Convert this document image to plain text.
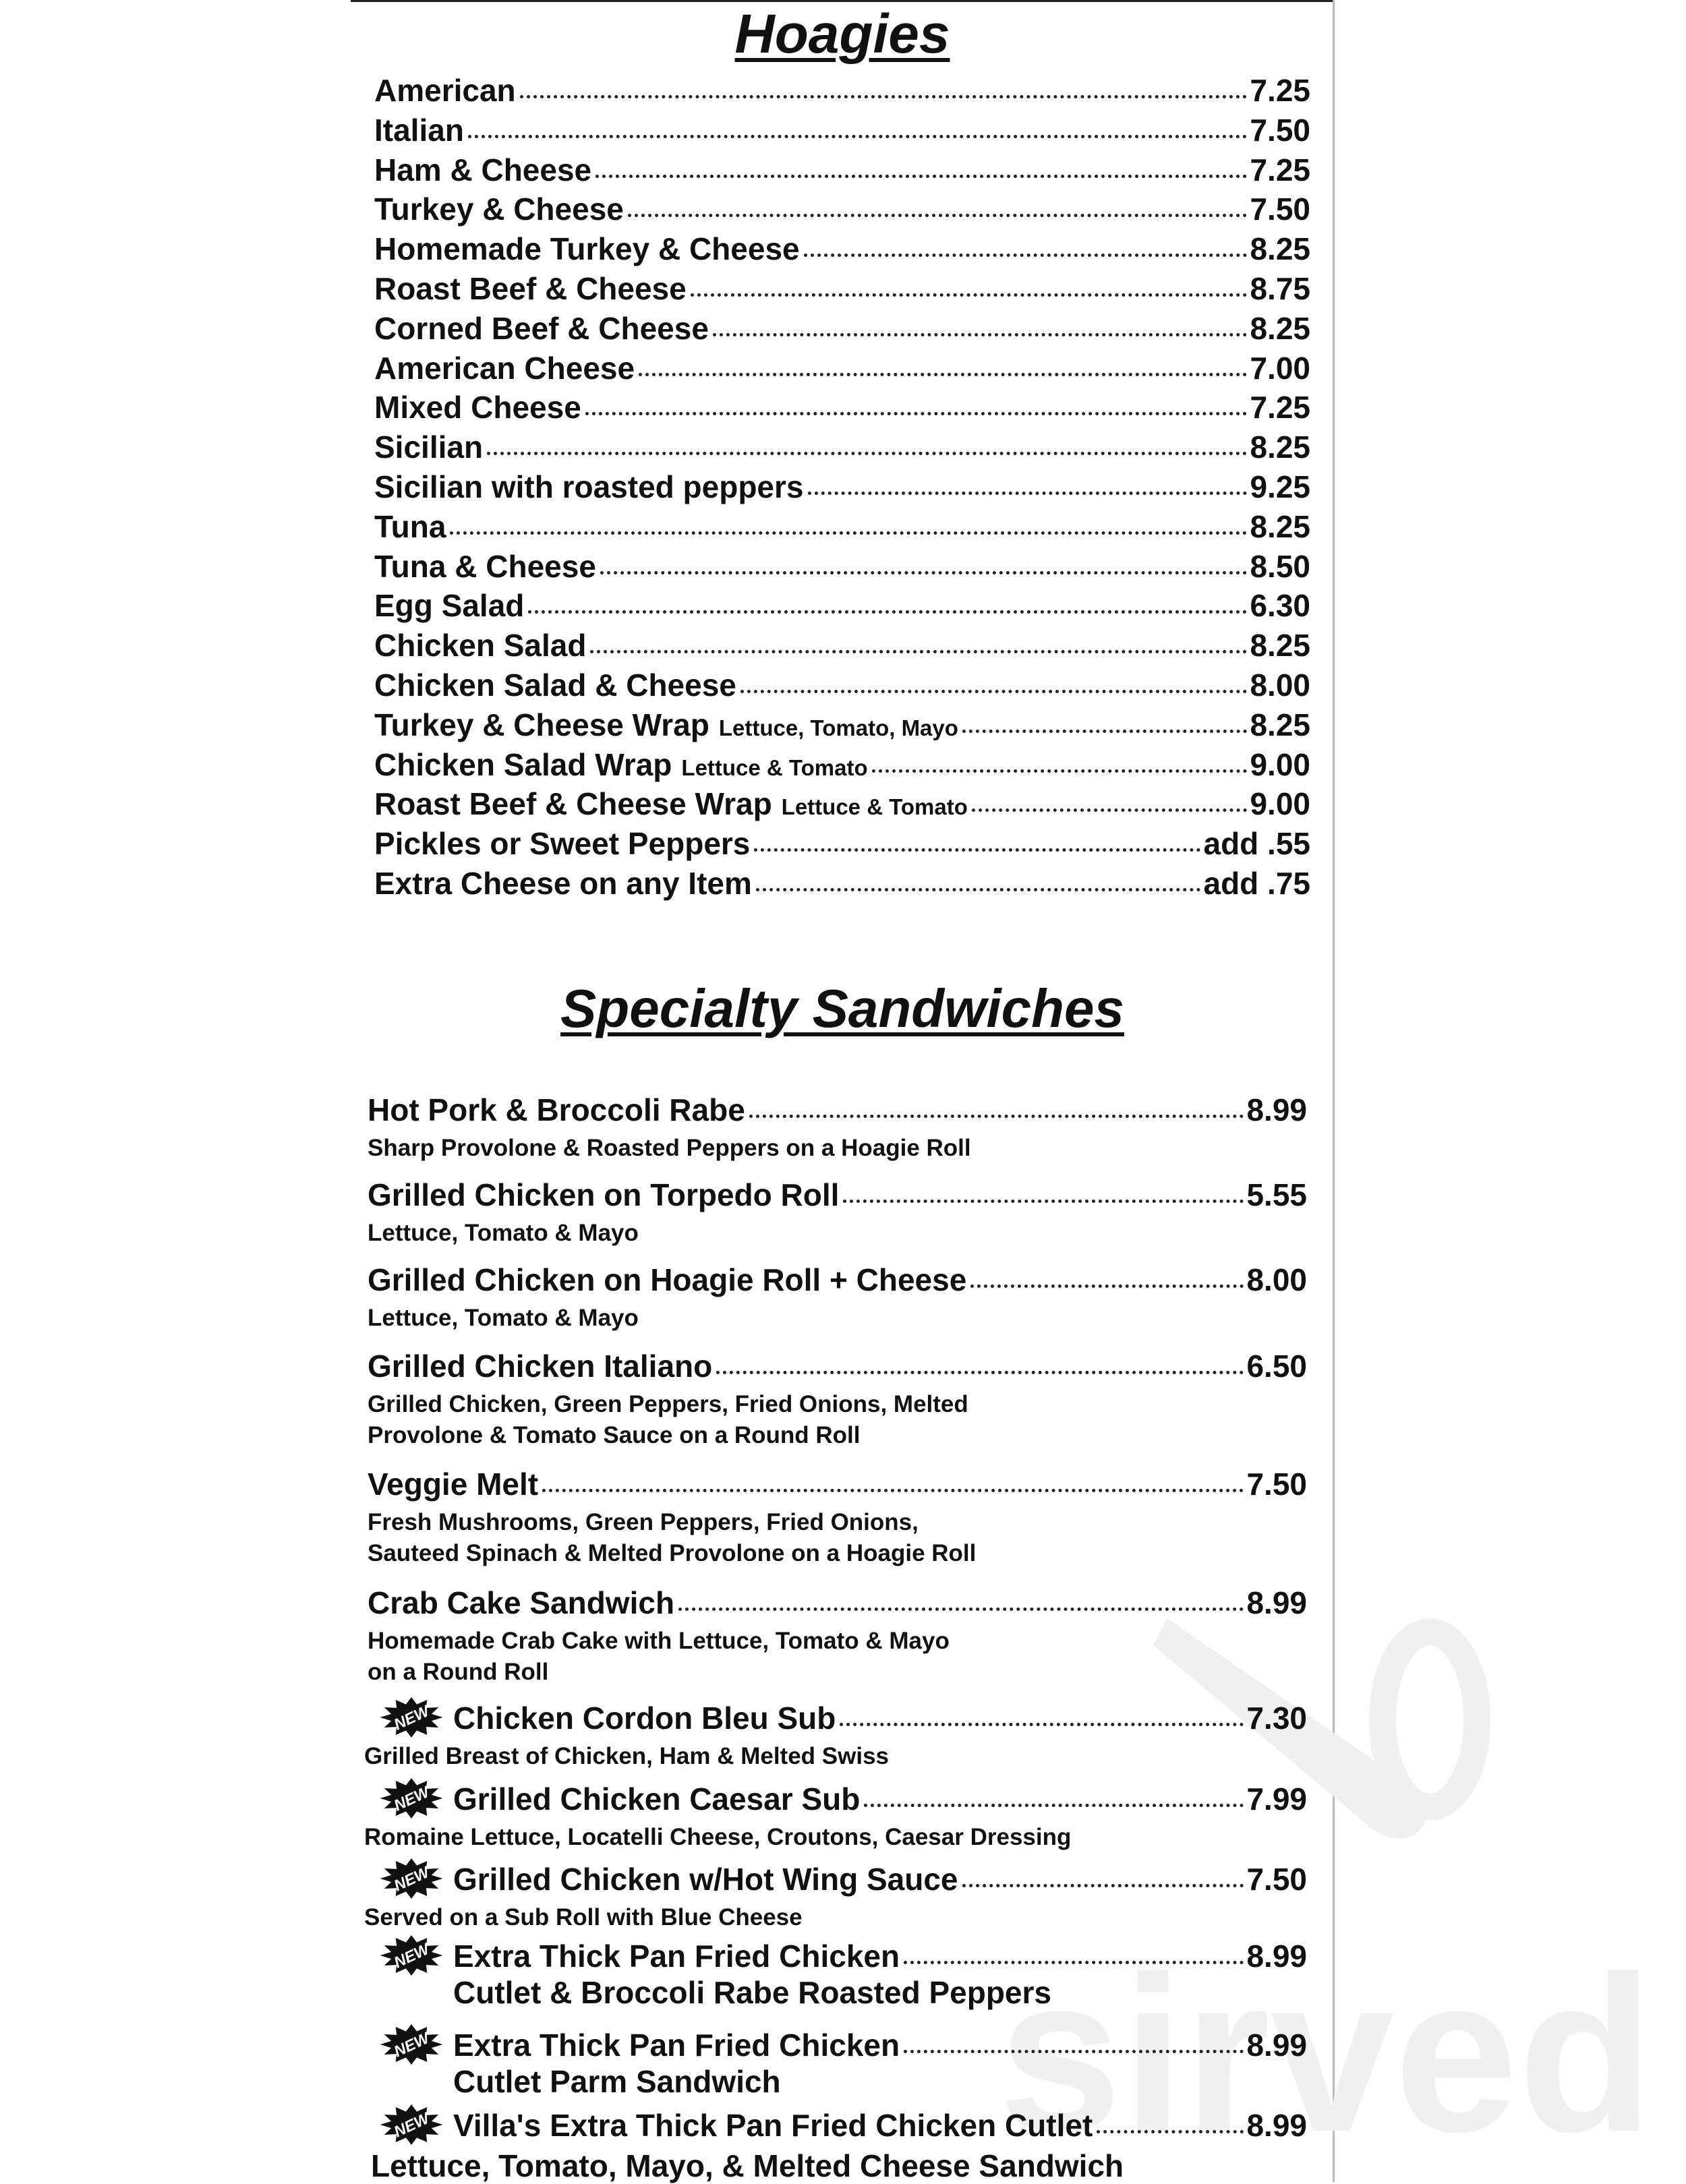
Hoagies
American	7.25
Italian	7.50
Ham & Cheese	7.25
Turkey & Cheese	7.50
Homemade Turkey & Cheese	8.25
Roast Beef & Cheese	8.75
Corned Beef & Cheese	8.25
American Cheese	7.00
Mixed Cheese	7.25
Sicilian	8.25
Sicilian with roasted peppers	9.25
Tuna	8.25
Tuna & Cheese	8.50
Egg Salad	6.30
Chicken Salad	8.25
Chicken Salad & Cheese	8.00
Turkey & Cheese Wrap Lettuce, Tomato, Mayo	8.25
Chicken Salad Wrap Lettuce & Tomato	9.00
Roast Beef & Cheese Wrap Lettuce & Tomato	9.00
Pickles or Sweet Peppers	add .55
Extra Cheese on any Item	add .75
Specialty Sandwiches
Hot Pork & Broccoli Rabe	8.99
Sharp Provolone & Roasted Peppers on a Hoagie Roll
Grilled Chicken on Torpedo Roll	5.55
Lettuce, Tomato & Mayo
Grilled Chicken on Hoagie Roll + Cheese	8.00
Lettuce, Tomato & Mayo
Grilled Chicken Italiano	6.50
Grilled Chicken, Green Peppers, Fried Onions, Melted
Provolone & Tomato Sauce on a Round Roll
Veggie Melt	7.50
Fresh Mushrooms, Green Peppers, Fried Onions,
Sauteed Spinach & Melted Provolone on a Hoagie Roll
Crab Cake Sandwich	8.99
Homemade Crab Cake with Lettuce, Tomato & Mayo
on a Round Roll
Chicken Cordon Bleu Sub	7.30
NEW
Grilled Breast of Chicken, Ham & Melted Swiss
Grilled Chicken Caesar Sub	7.99
NEW
Romaine Lettuce, Locatelli Cheese, Croutons, Caesar Dressing
Grilled Chicken w/Hot Wing Sauce	7.50
NEW
Served on a Sub Roll with Blue Cheese
Extra Thick Pan Fried Chicken	8.99
NEW
Cutlet & Broccoli Rabe Roasted Peppers
Extra Thick Pan Fried Chicken	8.99
NEW
Cutlet Parm Sandwich
Villa's Extra Thick Pan Fried Chicken Cutlet	8.99
NEW
Lettuce, Tomato, Mayo, & Melted Cheese Sandwich
